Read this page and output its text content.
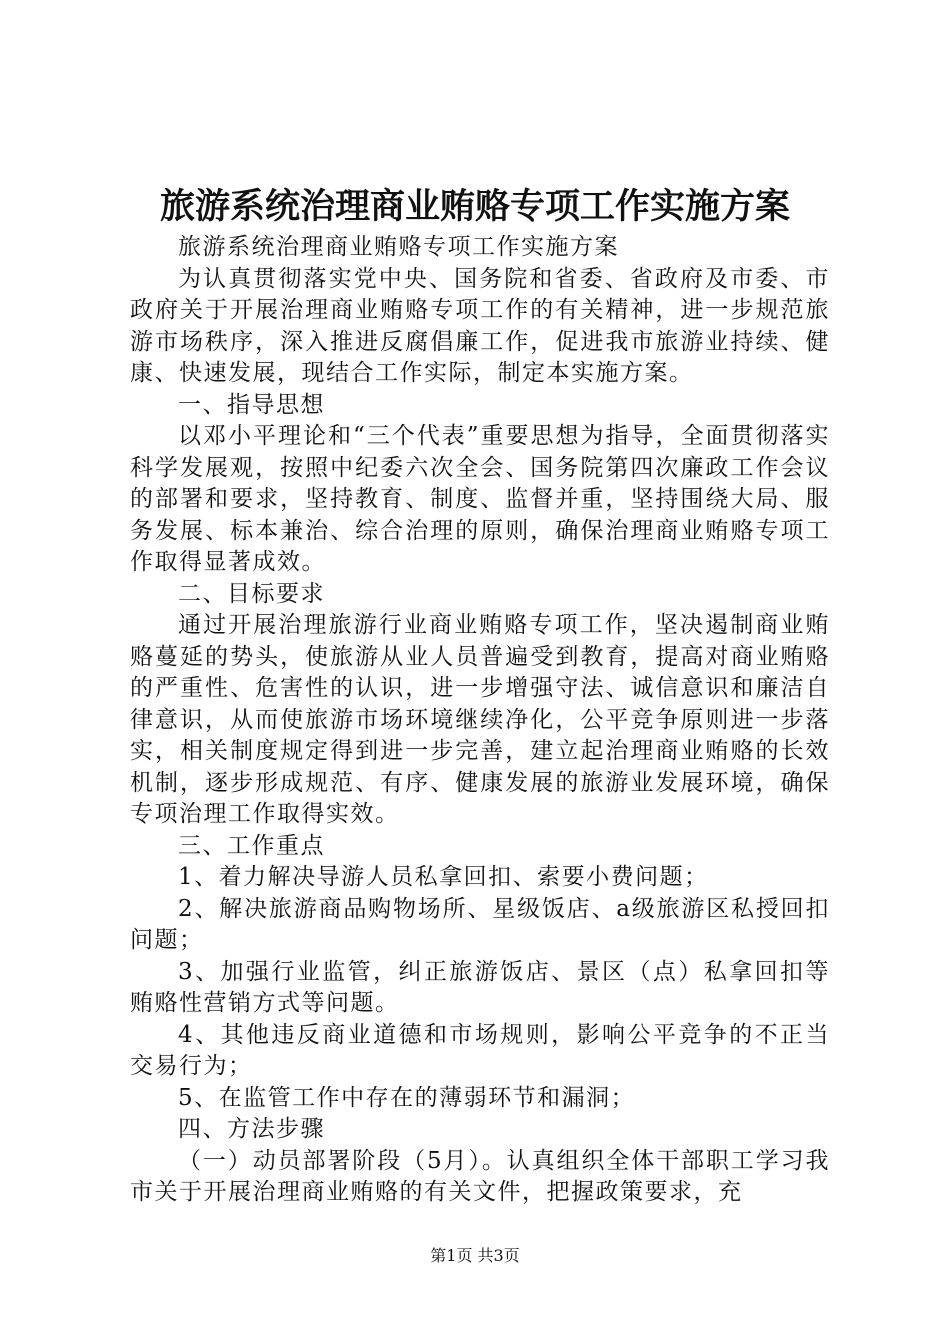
旅游系统治理商业贿赂专项工作实施方案

旅游系统治理商业贿赂专项工作实施方案

为认真贯彻落实党中央、国务院和省委、省政府及市委、市政府关于开展治理商业贿赂专项工作的有关精神，进一步规范旅游市场秩序，深入推进反腐倡廉工作，促进我市旅游业持续、健康、快速发展，现结合工作实际，制定本实施方案。

一、指导思想

以邓小平理论和“三个代表”重要思想为指导，全面贯彻落实科学发展观，按照中纪委六次全会、国务院第四次廉政工作会议的部署和要求，坚持教育、制度、监督并重，坚持围绕大局、服务发展、标本兼治、综合治理的原则，确保治理商业贿赂专项工作取得显著成效。

二、目标要求

通过开展治理旅游行业商业贿赂专项工作，坚决遏制商业贿赂蔓延的势头，使旅游从业人员普遍受到教育，提高对商业贿赂的严重性、危害性的认识，进一步增强守法、诚信意识和廉洁自律意识，从而使旅游市场环境继续净化，公平竞争原则进一步落实，相关制度规定得到进一步完善，建立起治理商业贿赂的长效机制，逐步形成规范、有序、健康发展的旅游业发展环境，确保专项治理工作取得实效。

三、工作重点

1、着力解决导游人员私拿回扣、索要小费问题；

2、解决旅游商品购物场所、星级饭店、a级旅游区私授回扣问题；

3、加强行业监管，纠正旅游饭店、景区（点）私拿回扣等贿赂性营销方式等问题。

4、其他违反商业道德和市场规则，影响公平竞争的不正当交易行为；

5、在监管工作中存在的薄弱环节和漏洞；

四、方法步骤

（一）动员部署阶段（5月）。认真组织全体干部职工学习我市关于开展治理商业贿赂的有关文件，把握政策要求，充

第1页 共3页
